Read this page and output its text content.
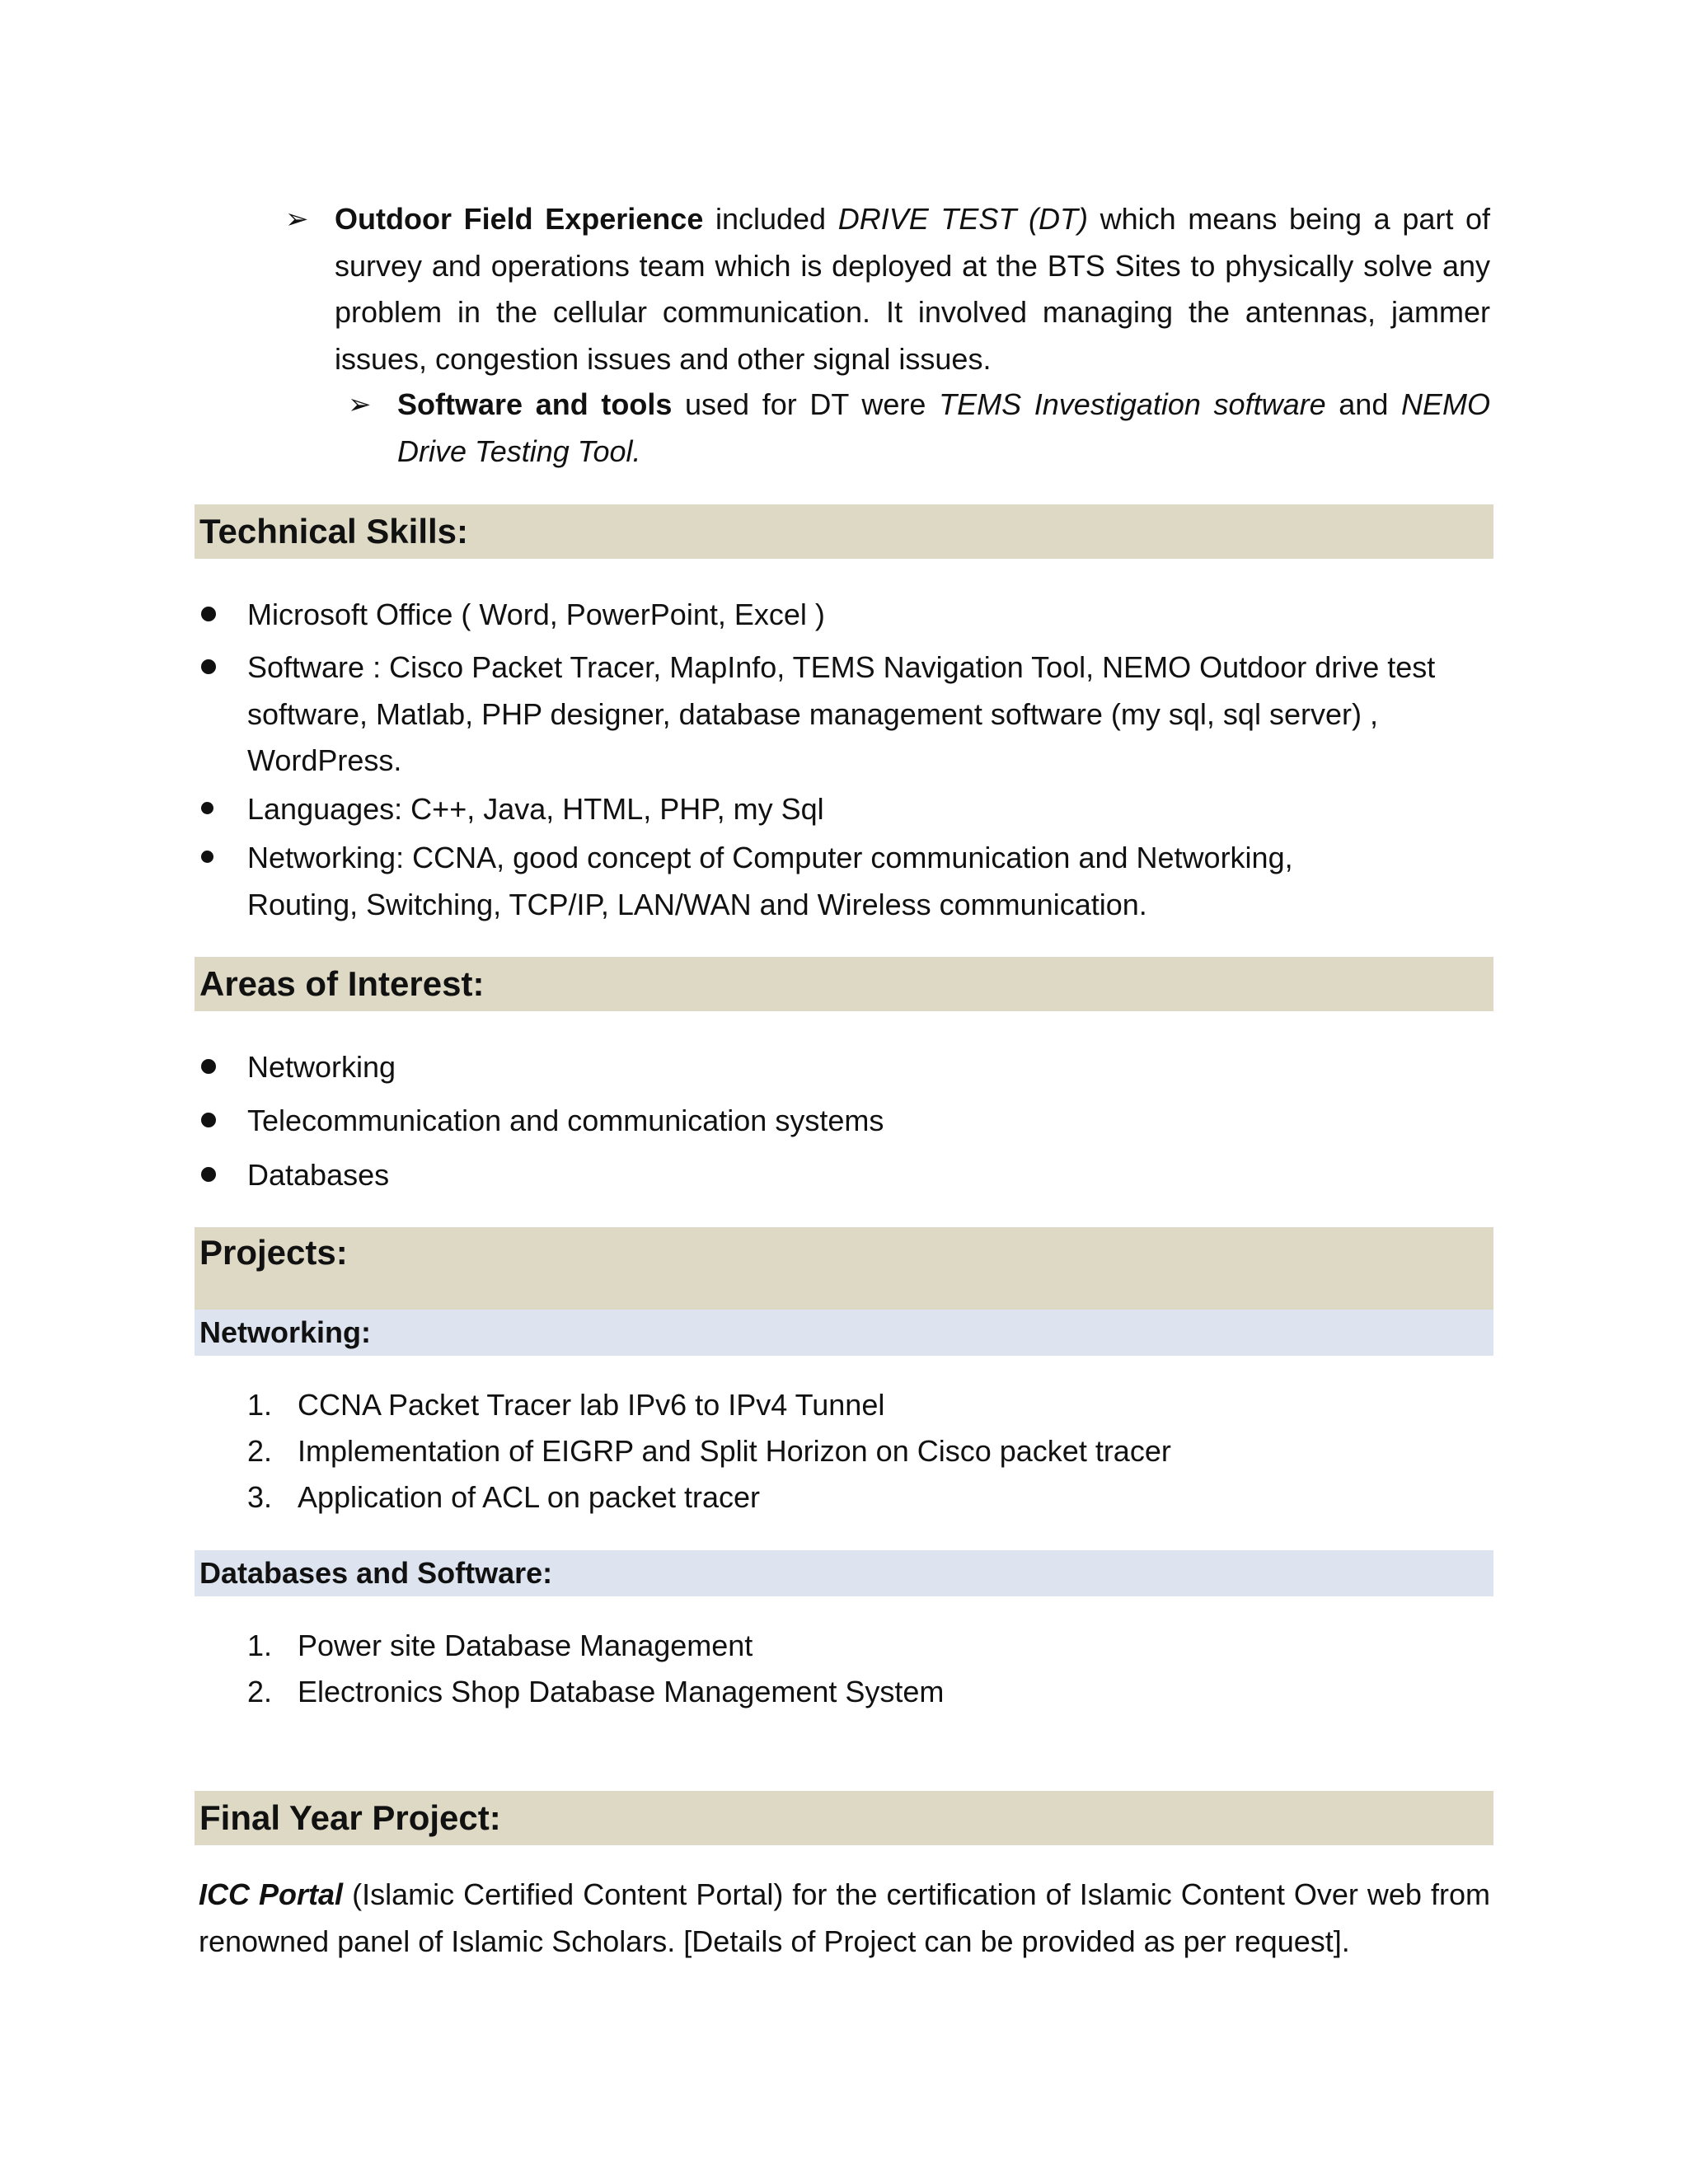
➢ Outdoor Field Experience included DRIVE TEST (DT) which means being a part of survey and operations team which is deployed at the BTS Sites to physically solve any problem in the cellular communication. It involved managing the antennas, jammer issues, congestion issues and other signal issues.
➢ Software and tools used for DT were TEMS Investigation software and NEMO Drive Testing Tool.
Technical Skills:
Microsoft Office ( Word, PowerPoint, Excel )
Software : Cisco Packet Tracer, MapInfo, TEMS Navigation Tool, NEMO Outdoor drive test software, Matlab, PHP designer, database management software (my sql, sql server) , WordPress.
Languages: C++, Java, HTML, PHP, my Sql
Networking: CCNA, good concept of Computer communication and Networking, Routing, Switching, TCP/IP, LAN/WAN and Wireless communication.
Areas of Interest:
Networking
Telecommunication and communication systems
Databases
Projects:
Networking:
1. CCNA Packet Tracer lab IPv6 to IPv4 Tunnel
2. Implementation of EIGRP and Split Horizon on Cisco packet tracer
3. Application of ACL on packet tracer
Databases and Software:
1. Power site Database Management
2. Electronics Shop Database Management System
Final Year Project:
ICC Portal (Islamic Certified Content Portal) for the certification of Islamic Content Over web from renowned panel of Islamic Scholars. [Details of Project can be provided as per request].
